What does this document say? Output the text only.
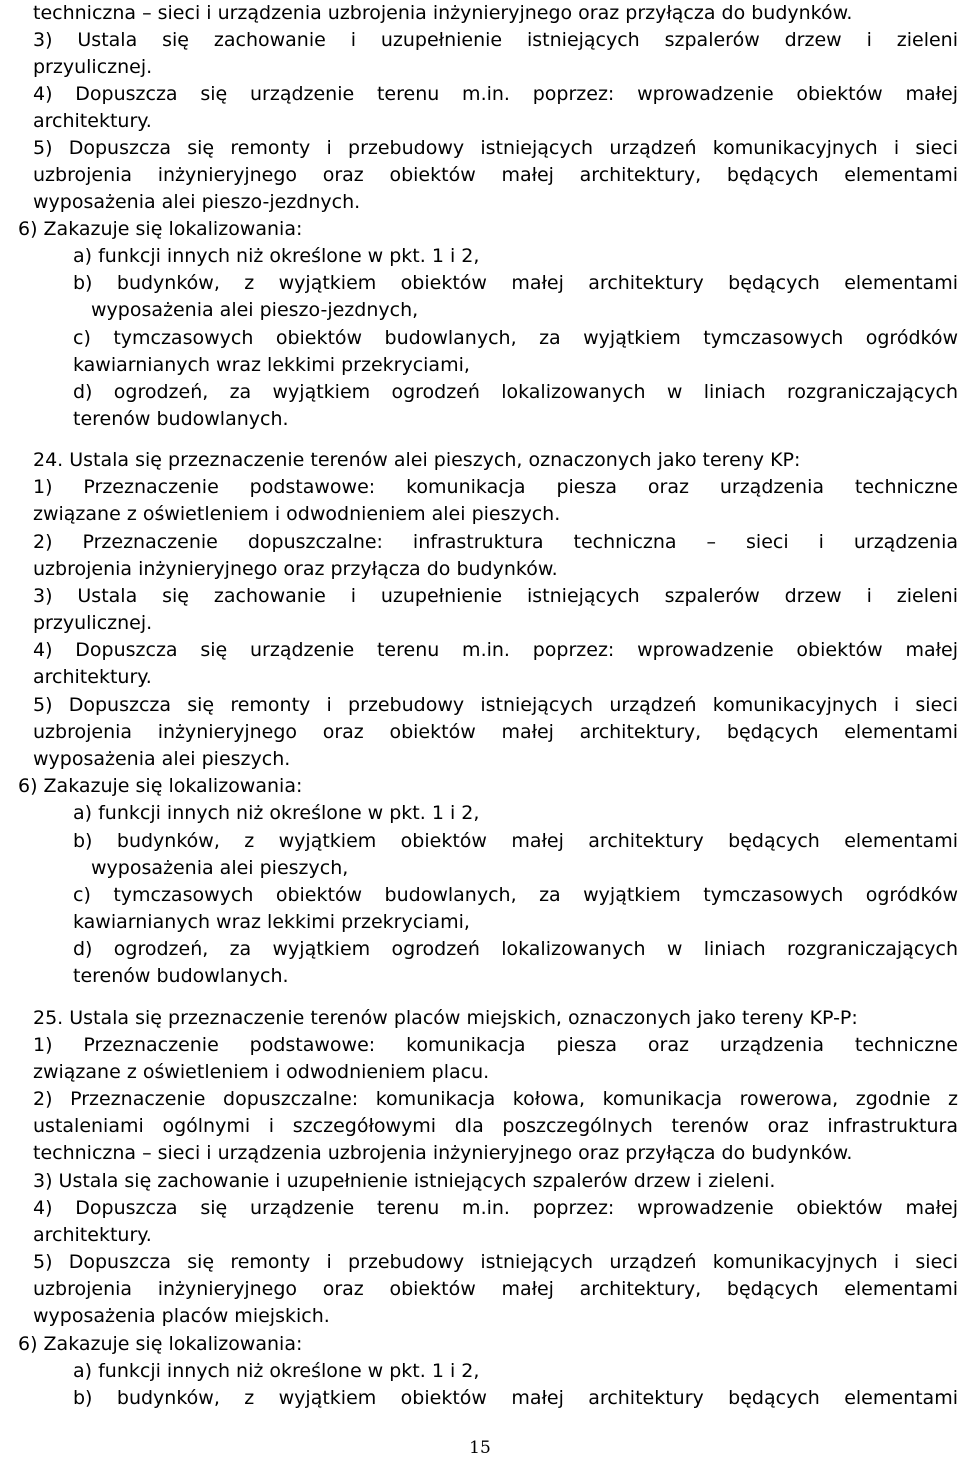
techniczna – sieci i urządzenia uzbrojenia inżynieryjnego oraz przyłącza do budynków.
3) Ustala się zachowanie i uzupełnienie istniejących szpalerów drzew i zieleni
przyulicznej.
4) Dopuszcza się urządzenie terenu m.in. poprzez: wprowadzenie obiektów małej
architektury.
5) Dopuszcza się remonty i przebudowy istniejących urządzeń komunikacyjnych i sieci
uzbrojenia inżynieryjnego oraz obiektów małej architektury, będących elementami
wyposażenia alei pieszo-jezdnych.
6) Zakazuje się lokalizowania:
a) funkcji innych niż określone w pkt. 1 i 2,
b) budynków, z wyjątkiem obiektów małej architektury będących elementami
wyposażenia alei pieszo-jezdnych,
c) tymczasowych obiektów budowlanych, za wyjątkiem tymczasowych ogródków
kawiarnianych wraz lekkimi przekryciami,
d) ogrodzeń, za wyjątkiem ogrodzeń lokalizowanych w liniach rozgraniczających
terenów budowlanych.
24. Ustala się przeznaczenie terenów alei pieszych, oznaczonych jako tereny KP:
1) Przeznaczenie podstawowe: komunikacja piesza oraz urządzenia techniczne
związane z oświetleniem i odwodnieniem alei pieszych.
2) Przeznaczenie dopuszczalne: infrastruktura techniczna – sieci i urządzenia
uzbrojenia inżynieryjnego oraz przyłącza do budynków.
3) Ustala się zachowanie i uzupełnienie istniejących szpalerów drzew i zieleni
przyulicznej.
4) Dopuszcza się urządzenie terenu m.in. poprzez: wprowadzenie obiektów małej
architektury.
5) Dopuszcza się remonty i przebudowy istniejących urządzeń komunikacyjnych i sieci
uzbrojenia inżynieryjnego oraz obiektów małej architektury, będących elementami
wyposażenia alei pieszych.
6) Zakazuje się lokalizowania:
a) funkcji innych niż określone w pkt. 1 i 2,
b) budynków, z wyjątkiem obiektów małej architektury będących elementami
wyposażenia alei pieszych,
c) tymczasowych obiektów budowlanych, za wyjątkiem tymczasowych ogródków
kawiarnianych wraz lekkimi przekryciami,
d) ogrodzeń, za wyjątkiem ogrodzeń lokalizowanych w liniach rozgraniczających
terenów budowlanych.
25. Ustala się przeznaczenie terenów placów miejskich, oznaczonych jako tereny KP-P:
1) Przeznaczenie podstawowe: komunikacja piesza oraz urządzenia techniczne
związane z oświetleniem i odwodnieniem placu.
2) Przeznaczenie dopuszczalne: komunikacja kołowa, komunikacja rowerowa, zgodnie z
ustaleniami ogólnymi i szczegółowymi dla poszczególnych terenów oraz infrastruktura
techniczna – sieci i urządzenia uzbrojenia inżynieryjnego oraz przyłącza do budynków.
3) Ustala się zachowanie i uzupełnienie istniejących szpalerów drzew i zieleni.
4) Dopuszcza się urządzenie terenu m.in. poprzez: wprowadzenie obiektów małej
architektury.
5) Dopuszcza się remonty i przebudowy istniejących urządzeń komunikacyjnych i sieci
uzbrojenia inżynieryjnego oraz obiektów małej architektury, będących elementami
wyposażenia placów miejskich.
6) Zakazuje się lokalizowania:
a) funkcji innych niż określone w pkt. 1 i 2,
b) budynków, z wyjątkiem obiektów małej architektury będących elementami
15
